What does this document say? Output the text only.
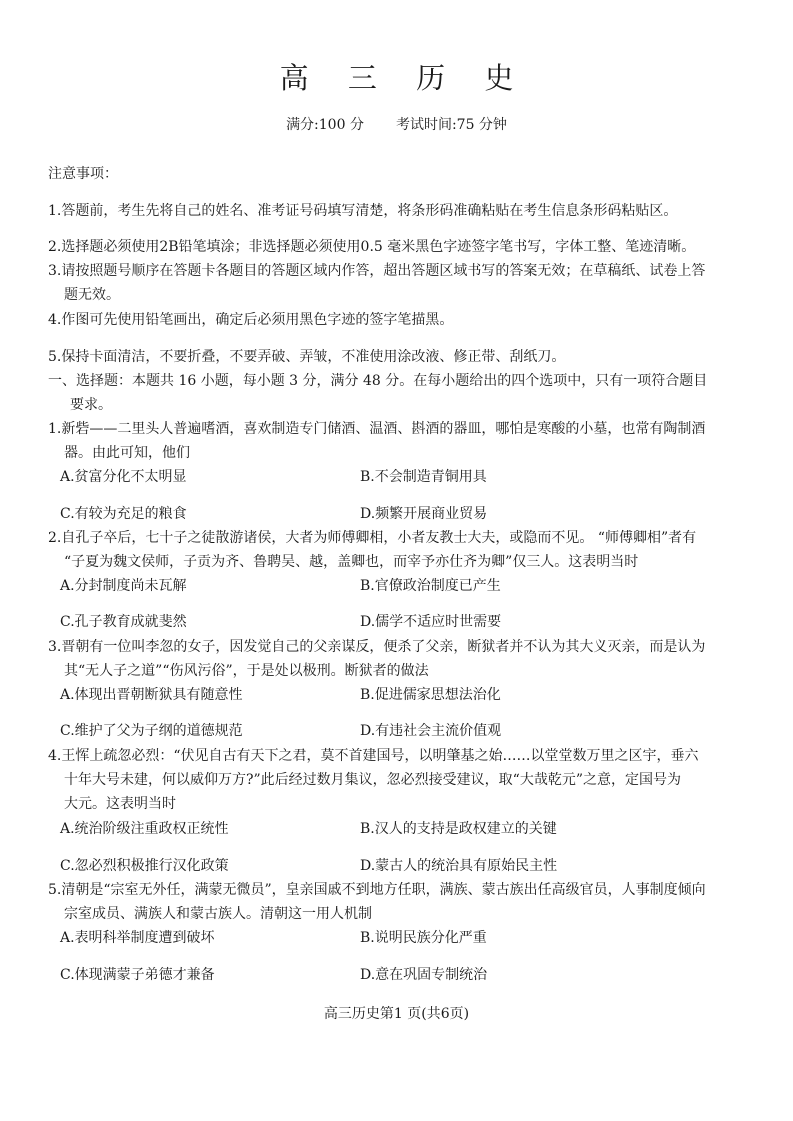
高 三 历 史
满分:100 分 考试时间:75 分钟
注意事项：
1.答题前，考生先将自己的姓名、准考证号码填写清楚，将条形码准确粘贴在考生信息条形码粘贴区。
2.选择题必须使用2B铅笔填涂；非选择题必须使用0.5 毫米黑色字迹签字笔书写，字体工整、笔迹清晰。
3.请按照题号顺序在答题卡各题目的答题区域内作答，超出答题区域书写的答案无效；在草稿纸、试卷上答
题无效。
4.作图可先使用铅笔画出，确定后必须用黑色字迹的签字笔描黑。
5.保持卡面清洁，不要折叠，不要弄破、弄皱，不准使用涂改液、修正带、刮纸刀。
一、选择题：本题共 16 小题，每小题 3 分，满分 48 分。在每小题给出的四个选项中，只有一项符合题目
要求。
1.新砦——二里头人普遍嗜酒，喜欢制造专门储酒、温酒、斟酒的器皿，哪怕是寒酸的小墓，也常有陶制酒
器。由此可知，他们
A.贫富分化不太明显	B.不会制造青铜用具
C.有较为充足的粮食	D.频繁开展商业贸易
2.自孔子卒后，七十子之徒散游诸侯，大者为师傅卿相，小者友教士大夫，或隐而不见。 “师傅卿相”者有
“子夏为魏文侯师，子贡为齐、鲁聘吴、越，盖卿也，而宰予亦仕齐为卿”仅三人。这表明当时
A.分封制度尚未瓦解	B.官僚政治制度已产生
C.孔子教育成就斐然	D.儒学不适应时世需要
3.晋朝有一位叫李忽的女子，因发觉自己的父亲谋反，便杀了父亲，断狱者并不认为其大义灭亲，而是认为
其“无人子之道”“伤风污俗”，于是处以极刑。断狱者的做法
A.体现出晋朝断狱具有随意性	B.促进儒家思想法治化
C.维护了父为子纲的道德规范	D.有违社会主流价值观
4.王恽上疏忽必烈：“伏见自古有天下之君，莫不首建国号，以明肇基之始……以堂堂数万里之区宇，垂六
十年大号未建，何以威仰万方?”此后经过数月集议，忽必烈接受建议，取“大哉乾元”之意，定国号为
大元。这表明当时
A.统治阶级注重政权正统性	B.汉人的支持是政权建立的关键
C.忽必烈积极推行汉化政策	D.蒙古人的统治具有原始民主性
5.清朝是“宗室无外任，满蒙无微员”，皇亲国戚不到地方任职，满族、蒙古族出任高级官员，人事制度倾向
宗室成员、满族人和蒙古族人。清朝这一用人机制
A.表明科举制度遭到破坏	B.说明民族分化严重
C.体现满蒙子弟德才兼备	D.意在巩固专制统治
高三历史第1 页(共6页)
